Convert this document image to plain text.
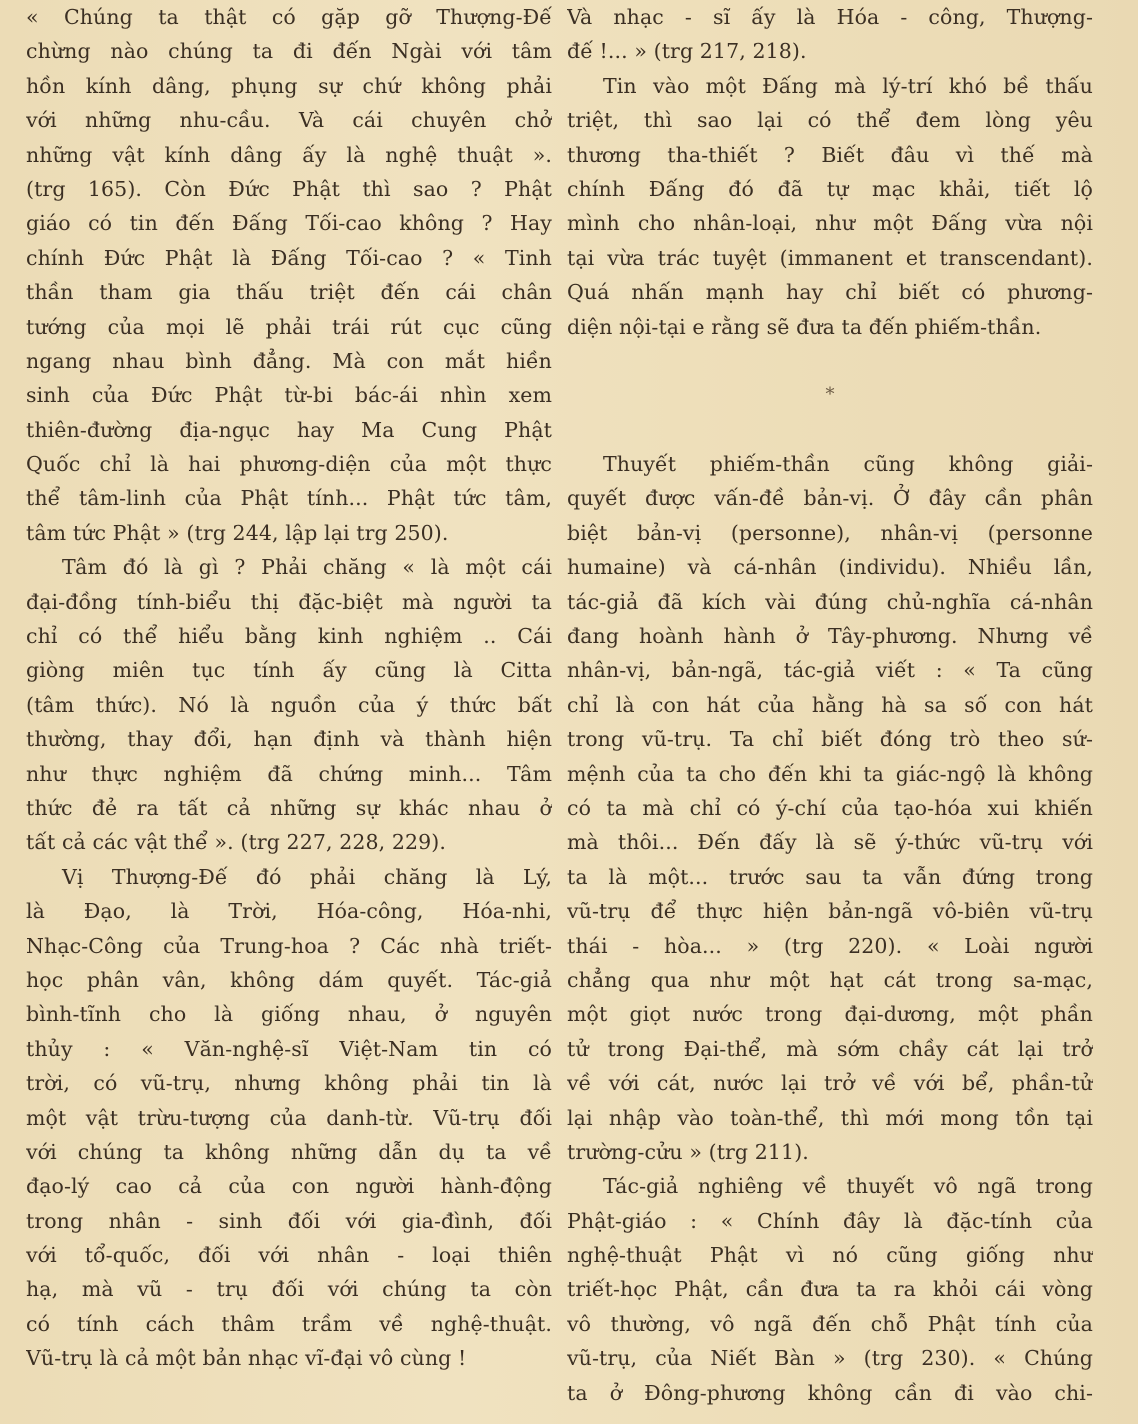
« Chúng ta thật có gặp gỡ Thượng-Đế
chừng nào chúng ta đi đến Ngài với tâm
hồn kính dâng, phụng sự chứ không phải
với những nhu-cầu. Và cái chuyên chở
những vật kính dâng ấy là nghệ thuật ».
(trg 165). Còn Đức Phật thì sao ? Phật
giáo có tin đến Đấng Tối-cao không ? Hay
chính Đức Phật là Đấng Tối-cao ? « Tinh
thần tham gia thấu triệt đến cái chân
tướng của mọi lẽ phải trái rút cục cũng
ngang nhau bình đẳng. Mà con mắt hiền
sinh của Đức Phật từ-bi bác-ái nhìn xem
thiên-đường địa-ngục hay Ma Cung Phật
Quốc chỉ là hai phương-diện của một thực
thể tâm-linh của Phật tính... Phật tức tâm,
tâm tức Phật » (trg 244, lập lại trg 250).
Tâm đó là gì ? Phải chăng « là một cái
đại-đồng tính-biểu thị đặc-biệt mà người ta
chỉ có thể hiểu bằng kinh nghiệm .. Cái
giòng miên tục tính ấy cũng là Citta
(tâm thức). Nó là nguồn của ý thức bất
thường, thay đổi, hạn định và thành hiện
như thực nghiệm đã chứng minh... Tâm
thức đẻ ra tất cả những sự khác nhau ở
tất cả các vật thể ». (trg 227, 228, 229).
Vị Thượng-Đế đó phải chăng là Lý,
là Đạo, là Trời, Hóa-công, Hóa-nhi,
Nhạc-Công của Trung-hoa ? Các nhà triết-
học phân vân, không dám quyết. Tác-giả
bình-tĩnh cho là giống nhau, ở nguyên
thủy : « Văn-nghệ-sĩ Việt-Nam tin có
trời, có vũ-trụ, nhưng không phải tin là
một vật trừu-tượng của danh-từ. Vũ-trụ đối
với chúng ta không những dẫn dụ ta về
đạo-lý cao cả của con người hành-động
trong nhân - sinh đối với gia-đình, đối
với tổ-quốc, đối với nhân - loại thiên
hạ, mà vũ - trụ đối với chúng ta còn
có tính cách thâm trầm về nghệ-thuật.
Vũ-trụ là cả một bản nhạc vĩ-đại vô cùng !
Và nhạc - sĩ ấy là Hóa - công, Thượng-
đế !... » (trg 217, 218).
Tin vào một Đấng mà lý-trí khó bề thấu
triệt, thì sao lại có thể đem lòng yêu
thương tha-thiết ? Biết đâu vì thế mà
chính Đấng đó đã tự mạc khải, tiết lộ
mình cho nhân-loại, như một Đấng vừa nội
tại vừa trác tuyệt (immanent et transcendant).
Quá nhấn mạnh hay chỉ biết có phương-
diện nội-tại e rằng sẽ đưa ta đến phiếm-thần.
*
Thuyết phiếm-thần cũng không giải-
quyết được vấn-đề bản-vị. Ở đây cần phân
biệt bản-vị (personne), nhân-vị (personne
humaine) và cá-nhân (individu). Nhiều lần,
tác-giả đã kích vài đúng chủ-nghĩa cá-nhân
đang hoành hành ở Tây-phương. Nhưng về
nhân-vị, bản-ngã, tác-giả viết : « Ta cũng
chỉ là con hát của hằng hà sa số con hát
trong vũ-trụ. Ta chỉ biết đóng trò theo sứ-
mệnh của ta cho đến khi ta giác-ngộ là không
có ta mà chỉ có ý-chí của tạo-hóa xui khiến
mà thôi... Đến đấy là sẽ ý-thức vũ-trụ với
ta là một... trước sau ta vẫn đứng trong
vũ-trụ để thực hiện bản-ngã vô-biên vũ-trụ
thái - hòa... » (trg 220). « Loài người
chẳng qua như một hạt cát trong sa-mạc,
một giọt nước trong đại-dương, một phần
tử trong Đại-thể, mà sớm chầy cát lại trở
về với cát, nước lại trở về với bể, phần-tử
lại nhập vào toàn-thể, thì mới mong tồn tại
trường-cửu » (trg 211).
Tác-giả nghiêng về thuyết vô ngã trong
Phật-giáo : « Chính đây là đặc-tính của
nghệ-thuật Phật vì nó cũng giống như
triết-học Phật, cần đưa ta ra khỏi cái vòng
vô thường, vô ngã đến chỗ Phật tính của
vũ-trụ, của Niết Bàn » (trg 230). « Chúng
ta ở Đông-phương không cần đi vào chi-
